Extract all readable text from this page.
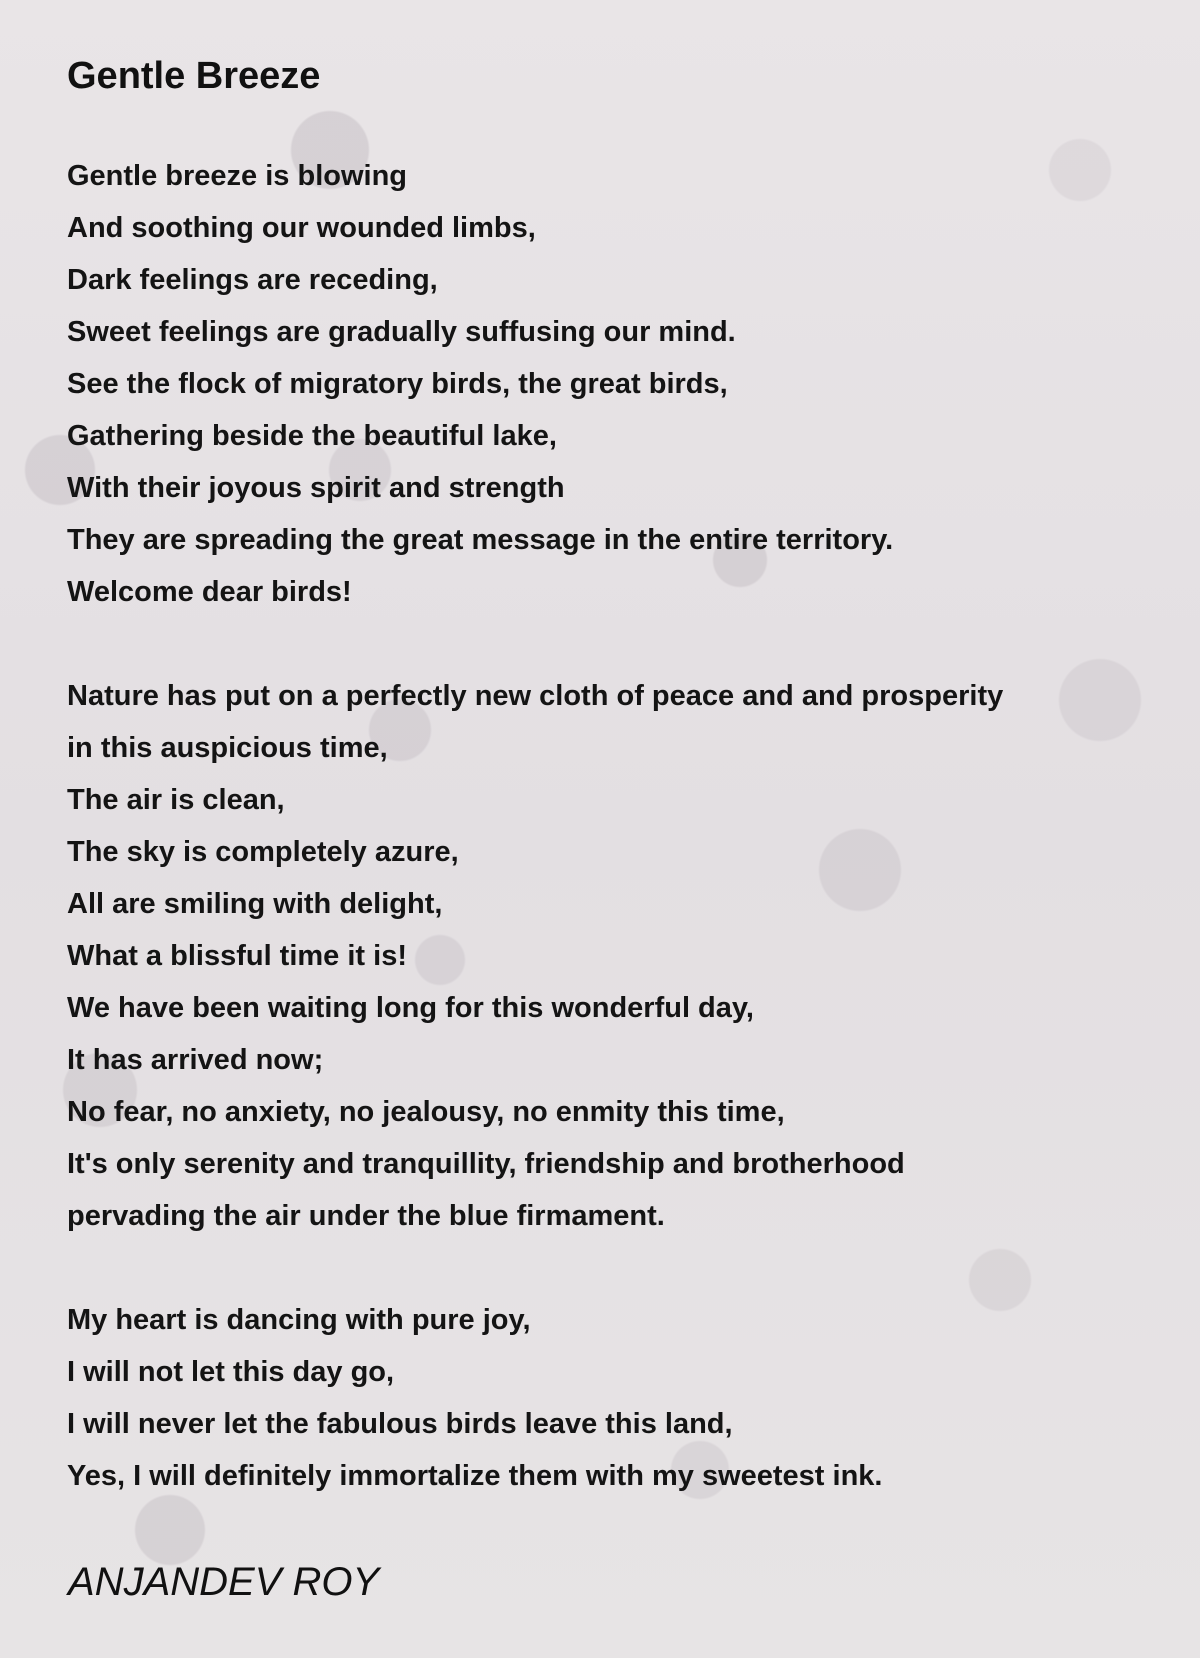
Gentle Breeze
Gentle breeze is blowing
And soothing our wounded limbs,
Dark feelings are receding,
Sweet feelings are gradually suffusing our mind.
See the flock of migratory birds, the great birds,
Gathering beside the beautiful lake,
With their joyous spirit and strength
They are spreading the great message in the entire territory.
Welcome dear birds!
Nature has put on a perfectly new cloth of peace and and prosperity
in this auspicious time,
The air is clean,
The sky is completely azure,
All are smiling with delight,
What a blissful time it is!
We have been waiting long for this wonderful day,
It has arrived now;
No fear, no anxiety, no jealousy, no enmity this time,
It's only serenity and tranquillity, friendship and brotherhood
pervading the air under the blue firmament.
My heart is dancing with pure joy,
I will not let this day go,
I will never let the fabulous birds leave this land,
Yes, I will definitely immortalize them with my sweetest ink.

ANJANDEV ROY
